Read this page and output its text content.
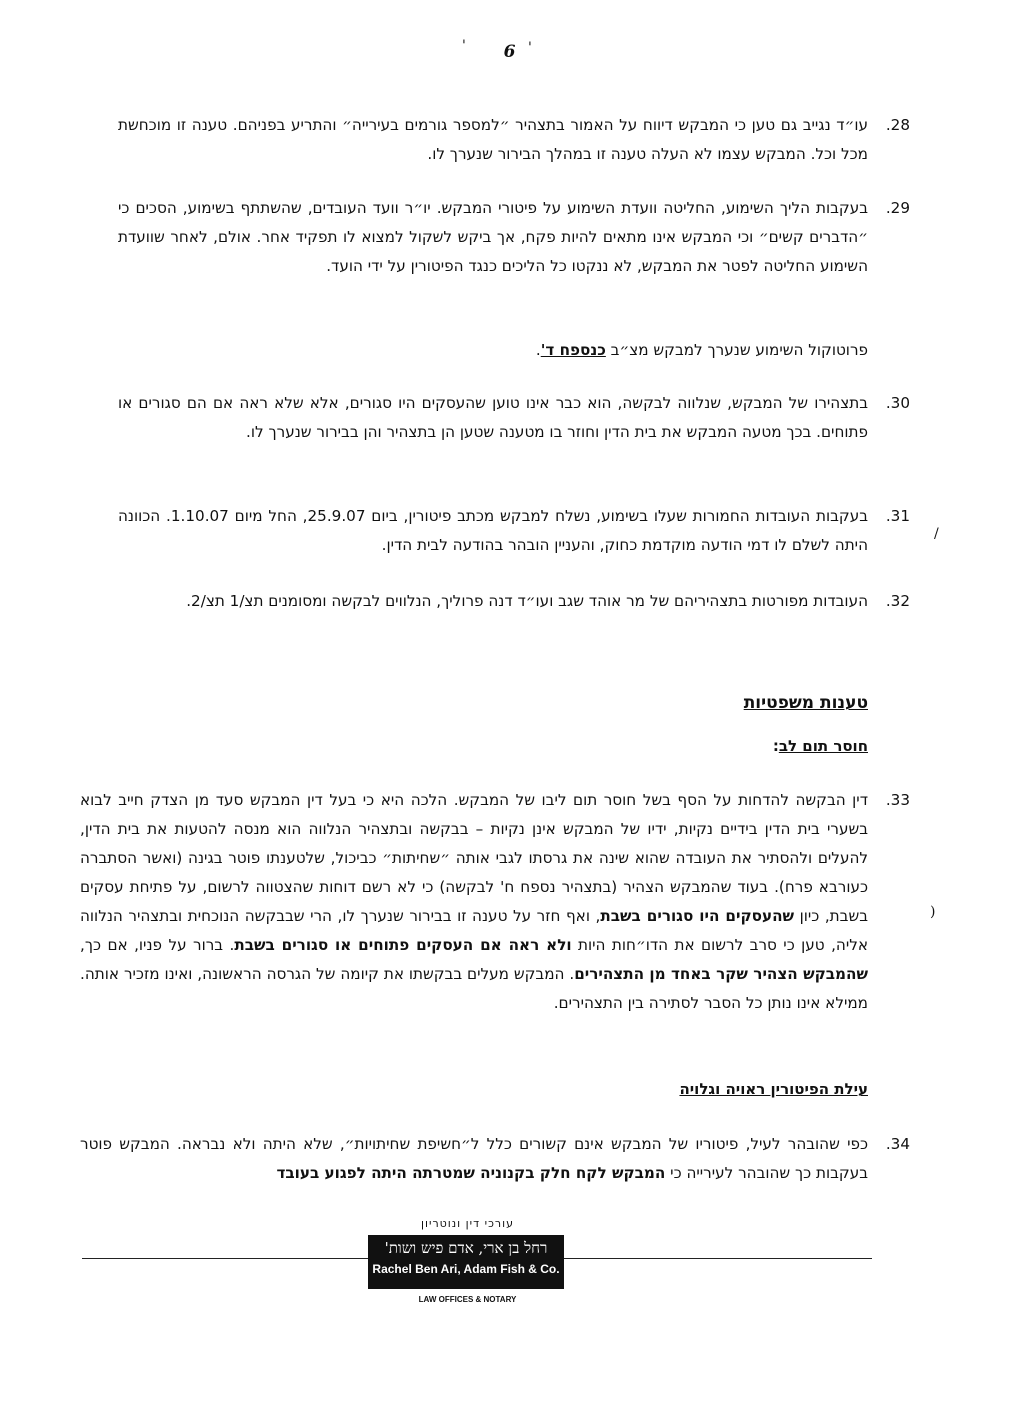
6
'	'
.28
עו״ד נגייב גם טען כי המבקש דיווח על האמור בתצהיר ״למספר גורמים בעירייה״ והתריע בפניהם. טענה זו מוכחשת מכל וכל. המבקש עצמו לא העלה טענה זו במהלך הבירור שנערך לו.
.29
בעקבות הליך השימוע, החליטה וועדת השימוע על פיטורי המבקש. יו״ר וועד העובדים, שהשתתף בשימוע, הסכים כי ״הדברים קשים״ וכי המבקש אינו מתאים להיות פקח, אך ביקש לשקול למצוא לו תפקיד אחר. אולם, לאחר שוועדת השימוע החליטה לפטר את המבקש, לא ננקטו כל הליכים כנגד הפיטורין על ידי הועד.
פרוטוקול השימוע שנערך למבקש מצ״ב כנספח ד'.
.30
בתצהירו של המבקש, שנלווה לבקשה, הוא כבר אינו טוען שהעסקים היו סגורים, אלא שלא ראה אם הם סגורים או פתוחים. בכך מטעה המבקש את בית הדין וחוזר בו מטענה שטען הן בתצהיר והן בבירור שנערך לו.
.31
בעקבות העובדות החמורות שעלו בשימוע, נשלח למבקש מכתב פיטורין, ביום 25.9.07, החל מיום 1.10.07. הכוונה היתה לשלם לו דמי הודעה מוקדמת כחוק, והעניין הובהר בהודעה לבית הדין.
/
.32
העובדות מפורטות בתצהיריהם של מר אוהד שגב ועו״ד דנה פרוליך, הנלווים לבקשה ומסומנים תצ/1 תצ/2.
טענות משפטיות
חוסר תום לב:
.33
דין הבקשה להדחות על הסף בשל חוסר תום ליבו של המבקש. הלכה היא כי בעל דין המבקש סעד מן הצדק חייב לבוא בשערי בית הדין בידיים נקיות, ידיו של המבקש אינן נקיות – בבקשה ובתצהיר הנלווה הוא מנסה להטעות את בית הדין, להעלים ולהסתיר את העובדה שהוא שינה את גרסתו לגבי אותה ״שחיתות״ כביכול, שלטענתו פוטר בגינה (ואשר הסתברה כעורבא פרח). בעוד שהמבקש הצהיר (בתצהיר נספח ח' לבקשה) כי לא רשם דוחות שהצטווה לרשום, על פתיחת עסקים בשבת, כיון שהעסקים היו סגורים בשבת, ואף חזר על טענה זו בבירור שנערך לו, הרי שבבקשה הנוכחית ובתצהיר הנלווה אליה, טען כי סרב לרשום את הדו״חות היות ולא ראה אם העסקים פתוחים או סגורים בשבת. ברור על פניו, אם כך, שהמבקש הצהיר שקר באחד מן התצהירים. המבקש מעלים בבקשתו את קיומה של הגרסה הראשונה, ואינו מזכיר אותה. ממילא אינו נותן כל הסבר לסתירה בין התצהירים.
)
עילת הפיטורין ראויה וגלויה
.34
כפי שהובהר לעיל, פיטוריו של המבקש אינם קשורים כלל ל״חשיפת שחיתויות״, שלא היתה ולא נבראה. המבקש פוטר בעקבות כך שהובהר לעירייה כי המבקש לקח חלק בקנוניה שמטרתה היתה לפגוע בעובד
עורכי דין ונוטריון
רחל בן ארי, אדם פיש ושות'
Rachel Ben Ari, Adam Fish & Co.
LAW OFFICES & NOTARY
